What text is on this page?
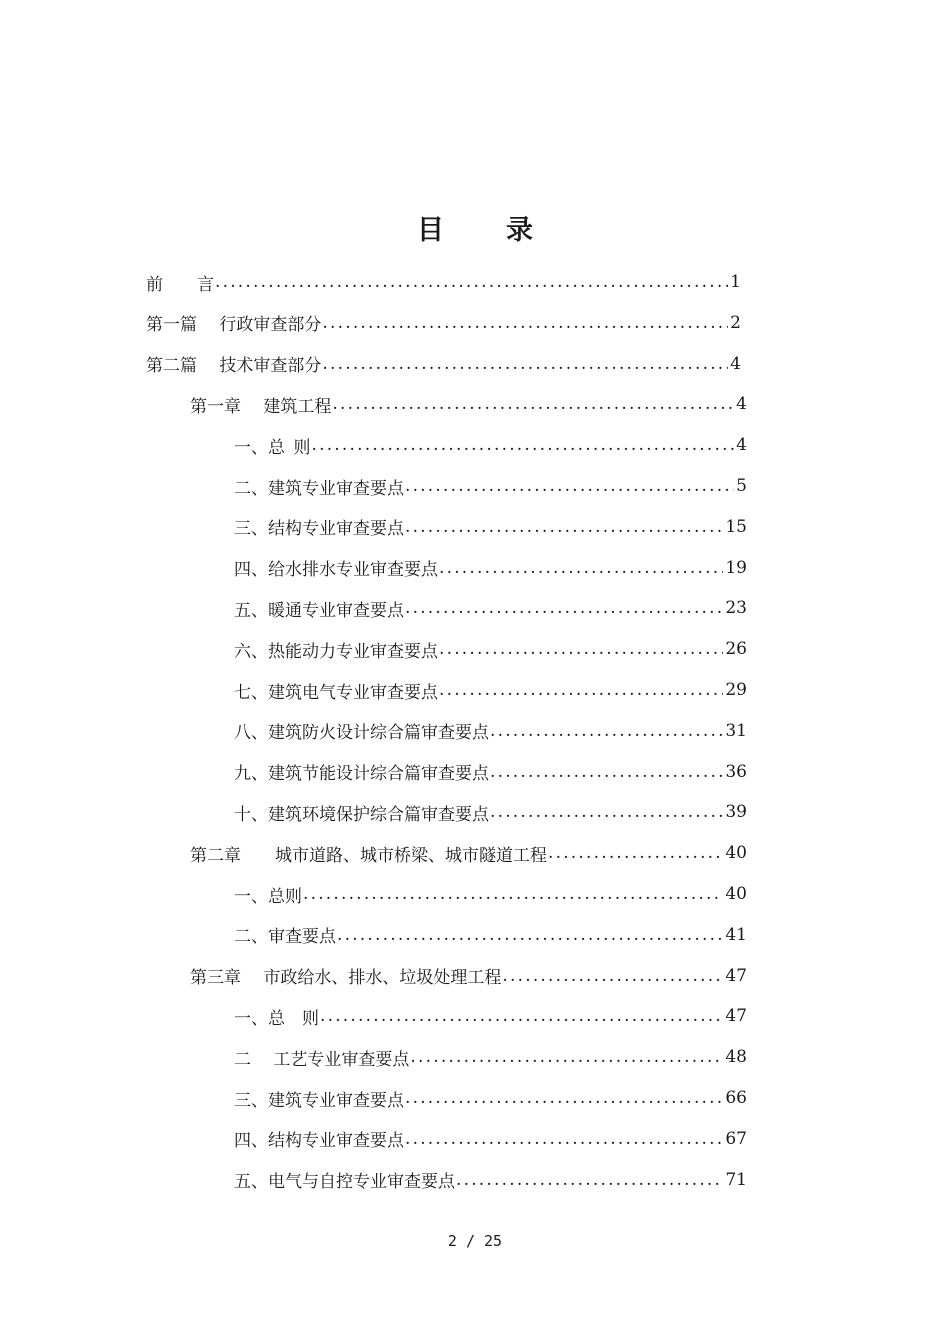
目 录
前　　言 .....	1
第一篇　 行政审查部分 .....	2
第二篇　 技术审查部分 .....	4
第一章　 建筑工程 .....	4
一、总 则 .....	4
二、建筑专业审查要点 .....	5
三、结构专业审查要点 .....	15
四、给水排水专业审查要点 .....	19
五、暖通专业审查要点 .....	23
六、热能动力专业审查要点 .....	26
七、建筑电气专业审查要点 .....	29
八、建筑防火设计综合篇审查要点 .....	31
九、建筑节能设计综合篇审查要点 .....	36
十、建筑环境保护综合篇审查要点 .....	39
第二章　　城市道路、城市桥梁、城市隧道工程 .....	40
一、总则 .....	40
二、审查要点 .....	41
第三章　 市政给水、排水、垃圾处理工程 .....	47
一、总　则 .....	47
二　 工艺专业审查要点 .....	48
三、建筑专业审查要点 .....	66
四、结构专业审查要点 .....	67
五、电气与自控专业审查要点 .....	71
2 / 25
